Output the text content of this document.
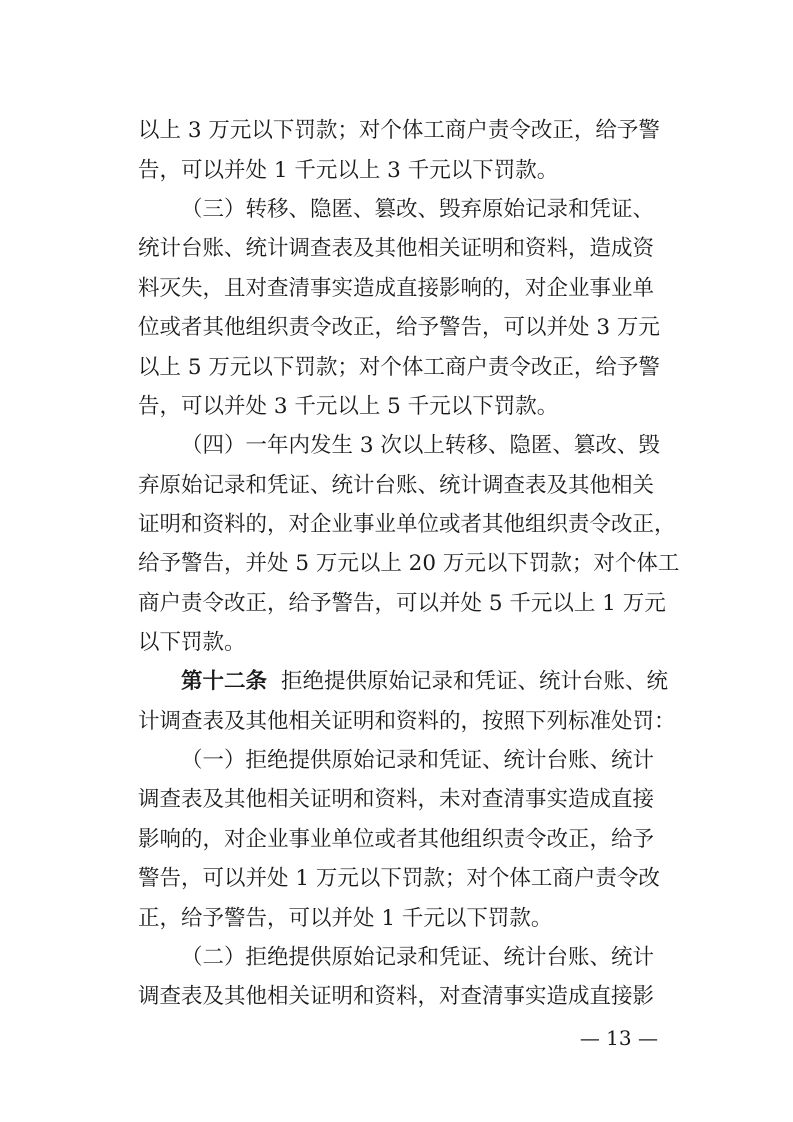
以上 3 万元以下罚款；对个体工商户责令改正，给予警
告，可以并处 1 千元以上 3 千元以下罚款。
（三）转移、隐匿、篡改、毁弃原始记录和凭证、
统计台账、统计调查表及其他相关证明和资料，造成资
料灭失，且对查清事实造成直接影响的，对企业事业单
位或者其他组织责令改正，给予警告，可以并处 3 万元
以上 5 万元以下罚款；对个体工商户责令改正，给予警
告，可以并处 3 千元以上 5 千元以下罚款。
（四）一年内发生 3 次以上转移、隐匿、篡改、毁
弃原始记录和凭证、统计台账、统计调查表及其他相关
证明和资料的，对企业事业单位或者其他组织责令改正，
给予警告，并处 5 万元以上 20 万元以下罚款；对个体工
商户责令改正，给予警告，可以并处 5 千元以上 1 万元
以下罚款。
第十二条 拒绝提供原始记录和凭证、统计台账、统
计调查表及其他相关证明和资料的，按照下列标准处罚：
（一）拒绝提供原始记录和凭证、统计台账、统计
调查表及其他相关证明和资料，未对查清事实造成直接
影响的，对企业事业单位或者其他组织责令改正，给予
警告，可以并处 1 万元以下罚款；对个体工商户责令改
正，给予警告，可以并处 1 千元以下罚款。
（二）拒绝提供原始记录和凭证、统计台账、统计
调查表及其他相关证明和资料，对查清事实造成直接影
— 13 —
